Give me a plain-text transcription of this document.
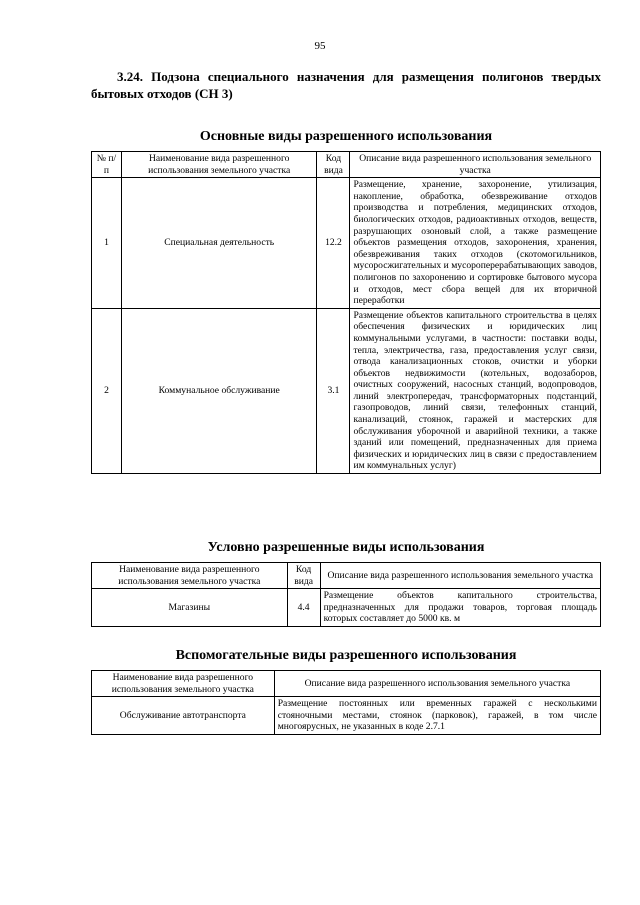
95
3.24. Подзона специального назначения для размещения полигонов твердых бытовых отходов (СН 3)
Основные виды разрешенного использования
№ п/п	Наименование вида разрешенного использования земельного участка	Код вида	Описание вида разрешенного использования земельного участка
1	Специальная деятельность	12.2	Размещение, хранение, захоронение, утилизация, накопление, обработка, обезвреживание отходов производства и потребления, медицинских отходов, биологических отходов, радиоактивных отходов, веществ, разрушающих озоновый слой, а также размещение объектов размещения отходов, захоронения, хранения, обезвреживания таких отходов (скотомогильников, мусоросжигательных и мусороперерабатывающих заводов, полигонов по захоронению и сортировке бытового мусора и отходов, мест сбора вещей для их вторичной переработки
2	Коммунальное обслуживание	3.1	Размещение объектов капитального строительства в целях обеспечения физических и юридических лиц коммунальными услугами, в частности: поставки воды, тепла, электричества, газа, предоставления услуг связи, отвода канализационных стоков, очистки и уборки объектов недвижимости (котельных, водозаборов, очистных сооружений, насосных станций, водопроводов, линий электропередач, трансформаторных подстанций, газопроводов, линий связи, телефонных станций, канализаций, стоянок, гаражей и мастерских для обслуживания уборочной и аварийной техники, а также зданий или помещений, предназначенных для приема физических и юридических лиц в связи с предоставлением им коммунальных услуг)
Условно разрешенные виды использования
Наименование вида разрешенного использования земельного участка	Код вида	Описание вида разрешенного использования земельного участка
Магазины	4.4	Размещение объектов капитального строительства, предназначенных для продажи товаров, торговая площадь которых составляет до 5000 кв. м
Вспомогательные виды разрешенного использования
Наименование вида разрешенного использования земельного участка	Описание вида разрешенного использования земельного участка
Обслуживание автотранспорта	Размещение постоянных или временных гаражей с несколькими стояночными местами, стоянок (парковок), гаражей, в том числе многоярусных, не указанных в коде 2.7.1
